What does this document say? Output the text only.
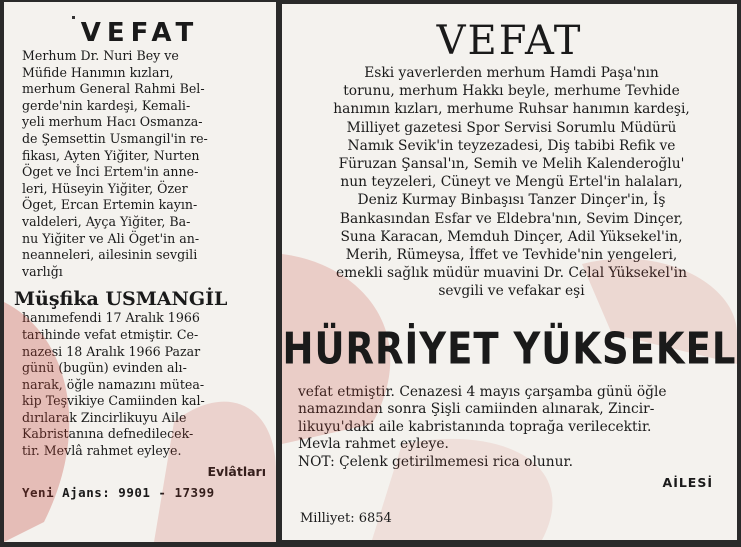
VEFAT
Merhum Dr. Nuri Bey ve
Müfide Hanımın kızları,
merhum General Rahmi Bel-
gerde'nin kardeşi, Kemali-
yeli merhum Hacı Osmanza-
de Şemsettin Usmangil'in re-
fikası, Ayten Yiğiter, Nurten
Öget ve İnci Ertem'in anne-
leri, Hüseyin Yiğiter, Özer
Öget, Ercan Ertemin kayın-
valdeleri, Ayça Yiğiter, Ba-
nu Yiğiter ve Ali Öget'in an-
neanneleri, ailesinin sevgili
varlığı
Müşfika USMANGİL
hanımefendi 17 Aralık 1966
tarihinde vefat etmiştir. Ce-
nazesi 18 Aralık 1966 Pazar
günü (bugün) evinden alı-
narak, öğle namazını müteа-
kip Teşvikiye Camiinden kal-
dırılarak Zincirlikuyu Aile
Kabristanına defnedilecek-
tir. Mevlâ rahmet eyleye.
Evlâtları
Yeni Ajans: 9901 - 17399
VEFAT
Eski yaverlerden merhum Hamdi Paşa'nın
torunu, merhum Hakkı beyle, merhume Tevhide
hanımın kızları, merhume Ruhsar hanımın kardeşi,
Milliyet gazetesi Spor Servisi Sorumlu Müdürü
Namık Sevik'in teyzezadesi, Diş tabibi Refik ve
Füruzan Şansal'ın, Semih ve Melih Kalenderoğlu'
nun teyzeleri, Cüneyt ve Mengü Ertel'in halaları,
Deniz Kurmay Binbaşısı Tanzer Dinçer'in, İş
Bankasından Esfar ve Eldebra'nın, Sevim Dinçer,
Suna Karacan, Memduh Dinçer, Adil Yüksekel'in,
Merih, Rümeysa, İffet ve Tevhide'nin yengeleri,
emekli sağlık müdür muavini Dr. Celal Yüksekel'in
sevgili ve vefakar eşi
HÜRRİYET YÜKSEKEL
vefat etmiştir. Cenazesi 4 mayıs çarşamba günü öğle
namazından sonra Şişli camiinden alınarak, Zincir-
likuyu'daki aile kabristanında toprağa verilecektir.
Mevla rahmet eyleye.
NOT: Çelenk getirilmemesi rica olunur.
AİLESİ
Milliyet: 6854
